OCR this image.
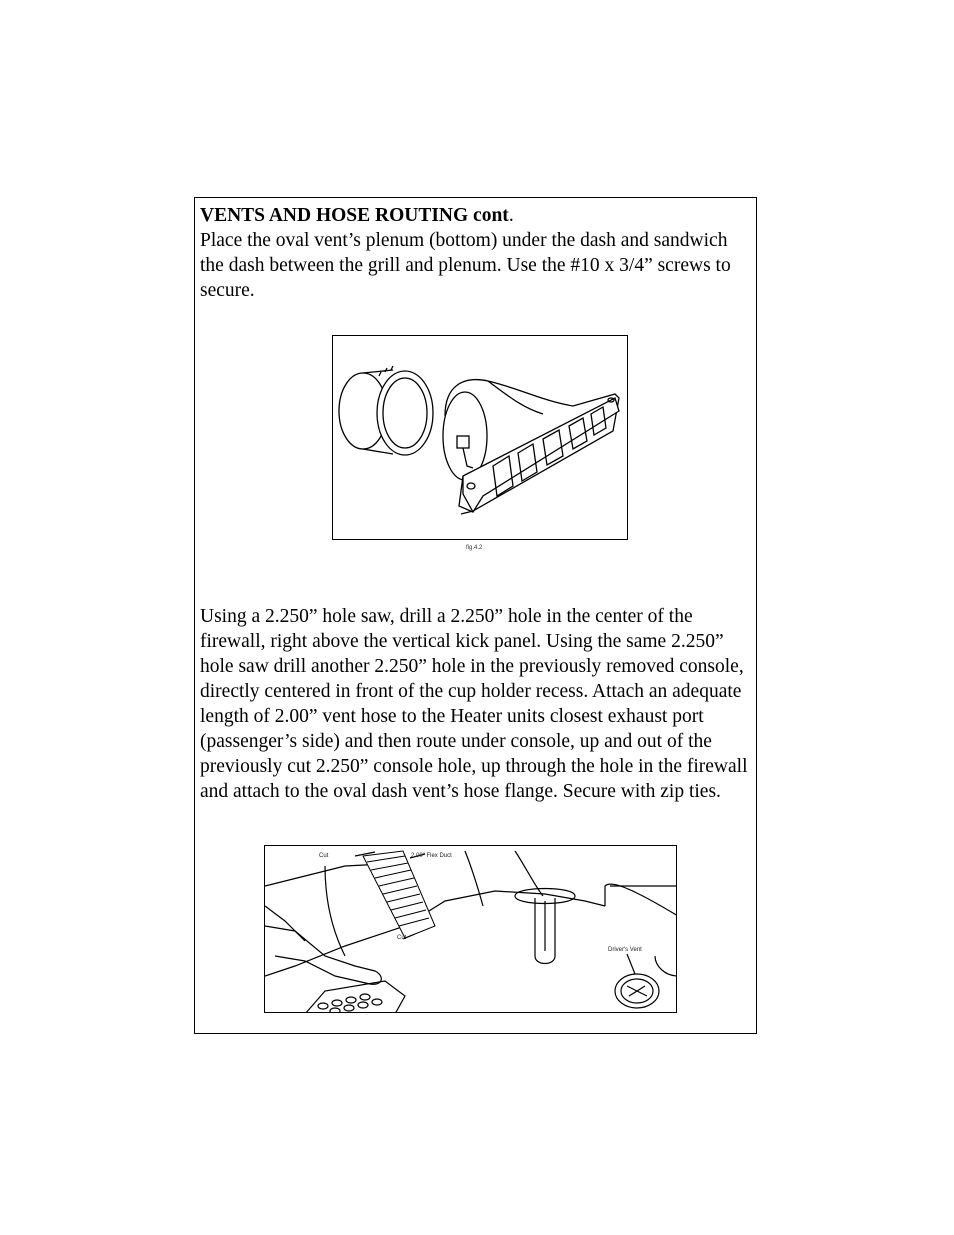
VENTS AND HOSE ROUTING cont.
Place the oval vent’s plenum (bottom) under the dash and sandwich the dash between the grill and plenum. Use the #10 x 3/4” screws to secure.
fig.4.2
Using a 2.250” hole saw, drill a 2.250” hole in the center of the firewall, right above the vertical kick panel. Using the same 2.250” hole saw drill another 2.250” hole in the previously removed console, directly centered in front of the cup holder recess. Attach an adequate length of 2.00” vent hose to the Heater units closest exhaust port (passenger’s side) and then route under console, up and out of the previously cut 2.250” console hole, up through the hole in the firewall and attach to the oval dash vent’s hose flange. Secure with zip ties.
Cut	2.00" Flex Duct
Cut
Driver's Vent
